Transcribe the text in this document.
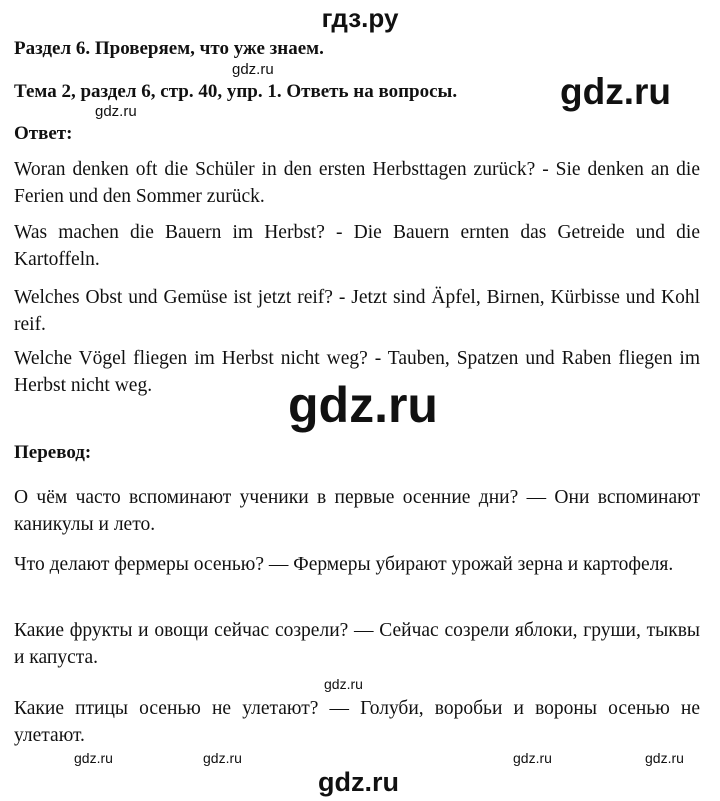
гдз.ру
Раздел 6. Проверяем, что уже знаем.
gdz.ru
Тема 2, раздел 6, стр. 40, упр. 1. Ответь на вопросы.	gdz.ru
gdz.ru
Ответ:
Woran denken oft die Schüler in den ersten Herbsttagen zurück? - Sie denken an die Ferien und den Sommer zurück.
Was machen die Bauern im Herbst? - Die Bauern ernten das Getreide und die Kartoffeln.
Welches Obst und Gemüse ist jetzt reif? - Jetzt sind Äpfel, Birnen, Kürbisse und Kohl reif.
Welche Vögel fliegen im Herbst nicht weg? - Tauben, Spatzen und Raben fliegen im Herbst nicht weg.	gdz.ru
Перевод:
О чём часто вспоминают ученики в первые осенние дни? — Они вспоминают каникулы и лето.
Что делают фермеры осенью? — Фермеры убирают урожай зерна и картофеля.
Какие фрукты и овощи сейчас созрели? — Сейчас созрели яблоки, груши, тыквы и капуста.
gdz.ru
Какие птицы осенью не улетают? — Голуби, воробьи и вороны осенью не улетают.
gdz.ru	gdz.ru	gdz.ru	gdz.ru
gdz.ru
